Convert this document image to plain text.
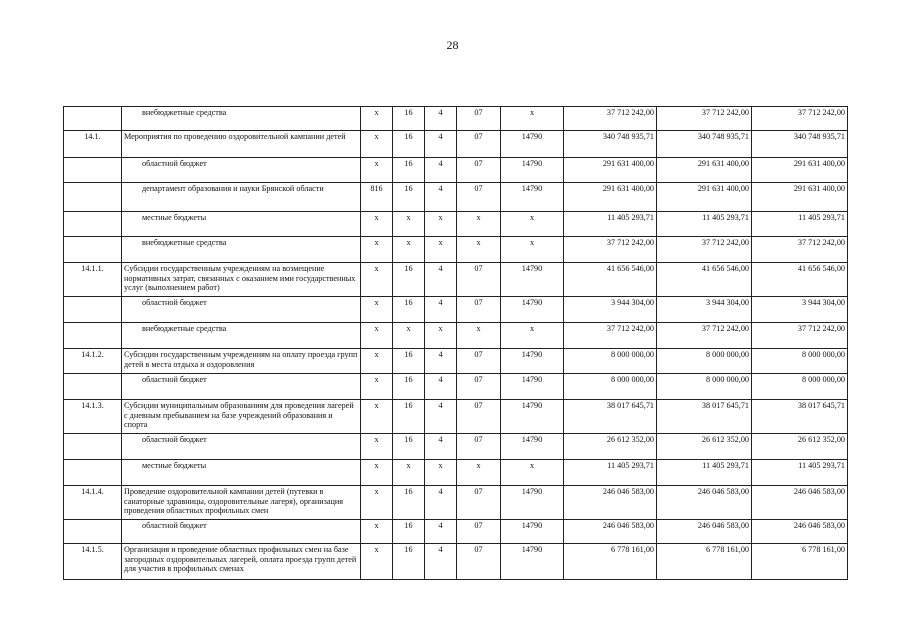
28
	внебюджетные средства	x	16	4	07	x	37 712 242,00	37 712 242,00	37 712 242,00
14.1.	Мероприятия по проведению оздоровительной кампании детей	x	16	4	07	14790	340 748 935,71	340 748 935,71	340 748 935,71
	областной бюджет	x	16	4	07	14790	291 631 400,00	291 631 400,00	291 631 400,00
	департамент образования и науки Брянской области	816	16	4	07	14790	291 631 400,00	291 631 400,00	291 631 400,00
	местные бюджеты	x	x	x	x	x	11 405 293,71	11 405 293,71	11 405 293,71
	внебюджетные средства	x	x	x	x	x	37 712 242,00	37 712 242,00	37 712 242,00
14.1.1.	Субсидии государственным учреждениям на возмещение нормативных затрат, связанных с оказанием ими государственных услуг (выполнением работ)	x	16	4	07	14790	41 656 546,00	41 656 546,00	41 656 546,00
	областной бюджет	x	16	4	07	14790	3 944 304,00	3 944 304,00	3 944 304,00
	внебюджетные средства	x	x	x	x	x	37 712 242,00	37 712 242,00	37 712 242,00
14.1.2.	Субсидии государственным учреждениям на оплату проезда групп детей в места отдыха и оздоровления	x	16	4	07	14790	8 000 000,00	8 000 000,00	8 000 000,00
	областной бюджет	x	16	4	07	14790	8 000 000,00	8 000 000,00	8 000 000,00
14.1.3.	Субсидии муниципальным образованиям для проведения лагерей с дневным пребыванием на базе учреждений образования и спорта	x	16	4	07	14790	38 017 645,71	38 017 645,71	38 017 645,71
	областной бюджет	x	16	4	07	14790	26 612 352,00	26 612 352,00	26 612 352,00
	местные бюджеты	x	x	x	x	x	11 405 293,71	11 405 293,71	11 405 293,71
14.1.4.	Проведение оздоровительной кампании детей (путевки в санаторные здравницы, оздоровительные лагеря), организация проведения областных профильных смен	x	16	4	07	14790	246 046 583,00	246 046 583,00	246 046 583,00
	областной бюджет	x	16	4	07	14790	246 046 583,00	246 046 583,00	246 046 583,00
14.1.5.	Организация и проведение областных профильных смен на базе загородных оздоровительных лагерей, оплата проезда групп детей для участия в профильных сменах	x	16	4	07	14790	6 778 161,00	6 778 161,00	6 778 161,00
